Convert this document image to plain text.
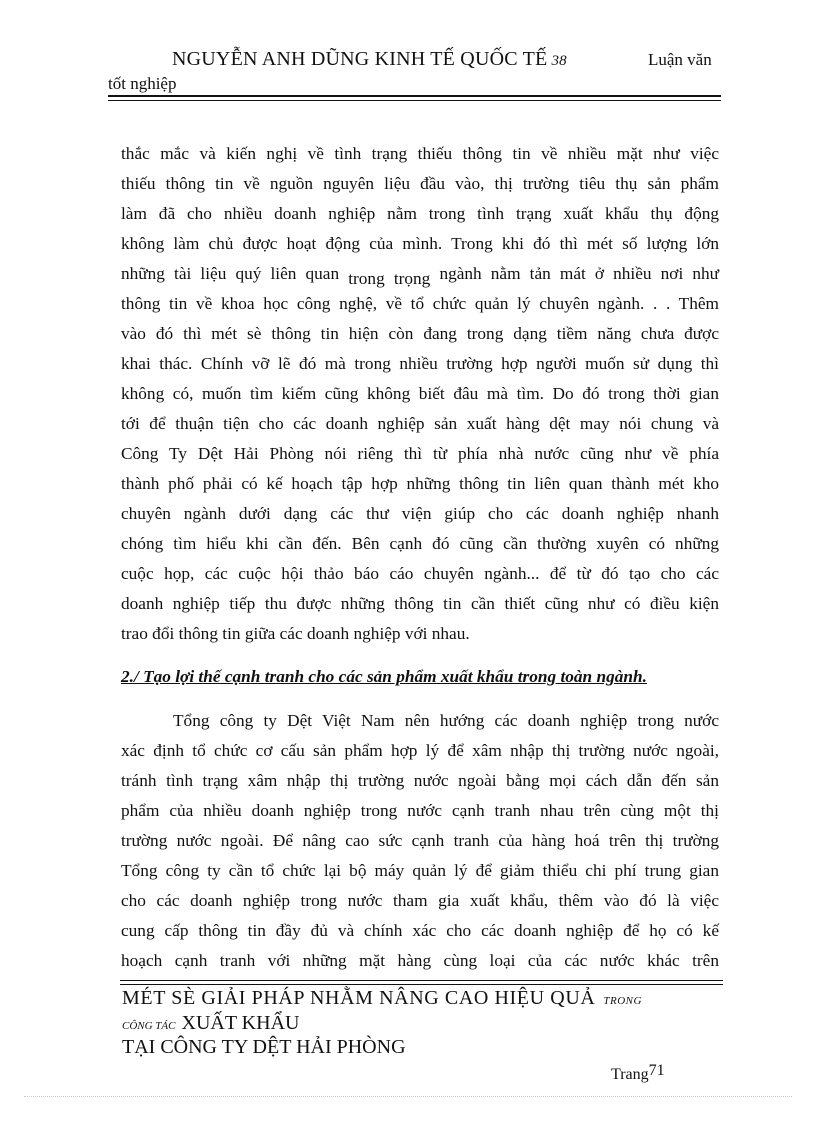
NGUYỄN ANH DŨNG KINH TẾ QUỐC TẾ 38	Luận văn
tốt nghiệp
thắc mắc và kiến nghị về tình trạng thiếu thông tin về nhiều mặt như việc
thiếu thông tin về nguồn nguyên liệu đầu vào, thị trường tiêu thụ sản phẩm
làm đã cho nhiều doanh nghiệp nằm trong tình trạng xuất khẩu thụ động
không làm chủ được hoạt động của mình. Trong khi đó thì mét số lượng lớn
những tài liệu quý liên quan trong trọng ngành nằm tản mát ở nhiều nơi như
thông tin về khoa học công nghệ, về tổ chức quản lý chuyên ngành. . . Thêm
vào đó thì mét sè thông tin hiện còn đang trong dạng tiềm năng chưa được
khai thác. Chính vỡ lẽ đó mà trong nhiều trường hợp người muốn sử dụng thì
không có, muốn tìm kiếm cũng không biết đâu mà tìm. Do đó trong thời gian
tới để thuận tiện cho các doanh nghiệp sản xuất hàng dệt may nói chung và
Công Ty Dệt Hải Phòng nói riêng thì từ phía nhà nước cũng như về phía
thành phố phải có kế hoạch tập hợp những thông tin liên quan thành mét kho
chuyên ngành dưới dạng các thư viện giúp cho các doanh nghiệp nhanh
chóng tìm hiểu khi cần đến. Bên cạnh đó cũng cần thường xuyên có những
cuộc họp, các cuộc hội thảo báo cáo chuyên ngành... để từ đó tạo cho các
doanh nghiệp tiếp thu được những thông tin cần thiết cũng như có điều kiện
trao đổi thông tin giữa các doanh nghiệp với nhau.
2./ Tạo lợi thế cạnh tranh cho các sản phẩm xuất khẩu trong toàn ngành.
Tổng công ty Dệt Việt Nam nên hướng các doanh nghiệp trong nước
xác định tổ chức cơ cấu sản phẩm hợp lý để xâm nhập thị trường nước ngoài,
tránh tình trạng xâm nhập thị trường nước ngoài bằng mọi cách dẫn đến sản
phẩm của nhiều doanh nghiệp trong nước cạnh tranh nhau trên cùng một thị
trường nước ngoài. Để nâng cao sức cạnh tranh của hàng hoá trên thị trường
Tổng công ty cần tổ chức lại bộ máy quản lý để giảm thiểu chi phí trung gian
cho các doanh nghiệp trong nước tham gia xuất khẩu, thêm vào đó là việc
cung cấp thông tin đầy đủ và chính xác cho các doanh nghiệp để họ có kế
hoạch cạnh tranh với những mặt hàng cùng loại của các nước khác trên
MÉT SÈ GIẢI PHÁP NHẰM NÂNG CAO HIỆU QUẢ TRONG
CÔNG TÁC XUẤT KHẨU
TẠI CÔNG TY DỆT HẢI PHÒNG
Trang71
